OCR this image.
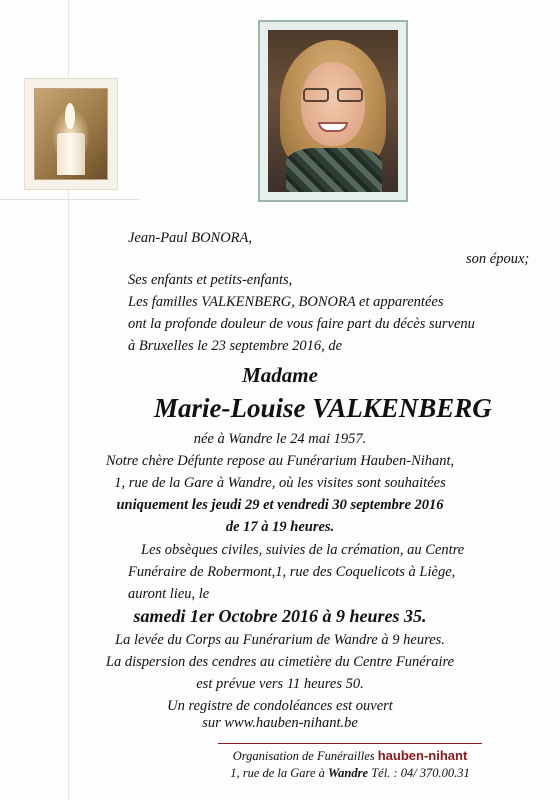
Jean-Paul BONORA,
son époux;
Ses enfants et petits-enfants,
Les familles VALKENBERG, BONORA et apparentées
ont la profonde douleur de vous faire part du décès survenu
à Bruxelles le 23 septembre 2016, de
Madame
Marie-Louise VALKENBERG
née à Wandre le 24 mai 1957.
Notre chère Défunte repose au Funérarium Hauben-Nihant,
1, rue de la Gare à Wandre, où les visites sont souhaitées
uniquement les jeudi 29 et vendredi 30 septembre 2016
de 17 à 19 heures.
Les obsèques civiles, suivies de la crémation, au Centre
Funéraire de Robermont,1, rue des Coquelicots à Liège,
auront lieu, le
samedi 1er Octobre 2016 à 9 heures 35.
La levée du Corps au Funérarium de Wandre à 9 heures.
La dispersion des cendres au cimetière du Centre Funéraire
est prévue vers 11 heures 50.
Un registre de condoléances est ouvert
sur www.hauben-nihant.be
Organisation de Funérailles hauben-nihant
1, rue de la Gare à Wandre Tél. : 04/ 370.00.31
